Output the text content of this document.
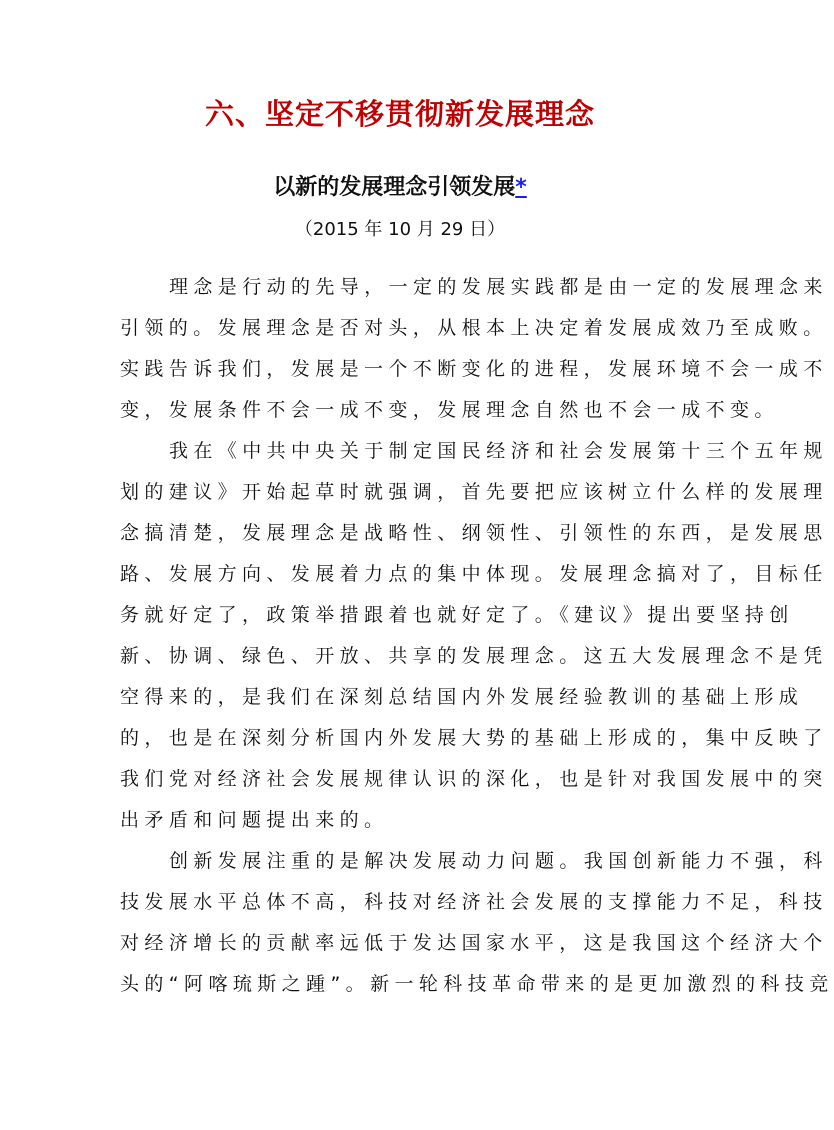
六、坚定不移贯彻新发展理念
以新的发展理念引领发展*
（2015 年 10 月 29 日）
理念是行动的先导，一定的发展实践都是由一定的发展理念来
引领的。发展理念是否对头，从根本上决定着发展成效乃至成败。
实践告诉我们，发展是一个不断变化的进程，发展环境不会一成不
变，发展条件不会一成不变，发展理念自然也不会一成不变。
我在《中共中央关于制定国民经济和社会发展第十三个五年规
划的建议》开始起草时就强调，首先要把应该树立什么样的发展理
念搞清楚，发展理念是战略性、纲领性、引领性的东西，是发展思
路、发展方向、发展着力点的集中体现。发展理念搞对了，目标任
务就好定了，政策举措跟着也就好定了。《建议》提出要坚持创
新、协调、绿色、开放、共享的发展理念。这五大发展理念不是凭
空得来的，是我们在深刻总结国内外发展经验教训的基础上形成
的，也是在深刻分析国内外发展大势的基础上形成的，集中反映了
我们党对经济社会发展规律认识的深化，也是针对我国发展中的突
出矛盾和问题提出来的。
创新发展注重的是解决发展动力问题。我国创新能力不强，科
技发展水平总体不高，科技对经济社会发展的支撑能力不足，科技
对经济增长的贡献率远低于发达国家水平，这是我国这个经济大个
头的“阿喀琉斯之踵”。新一轮科技革命带来的是更加激烈的科技竞
